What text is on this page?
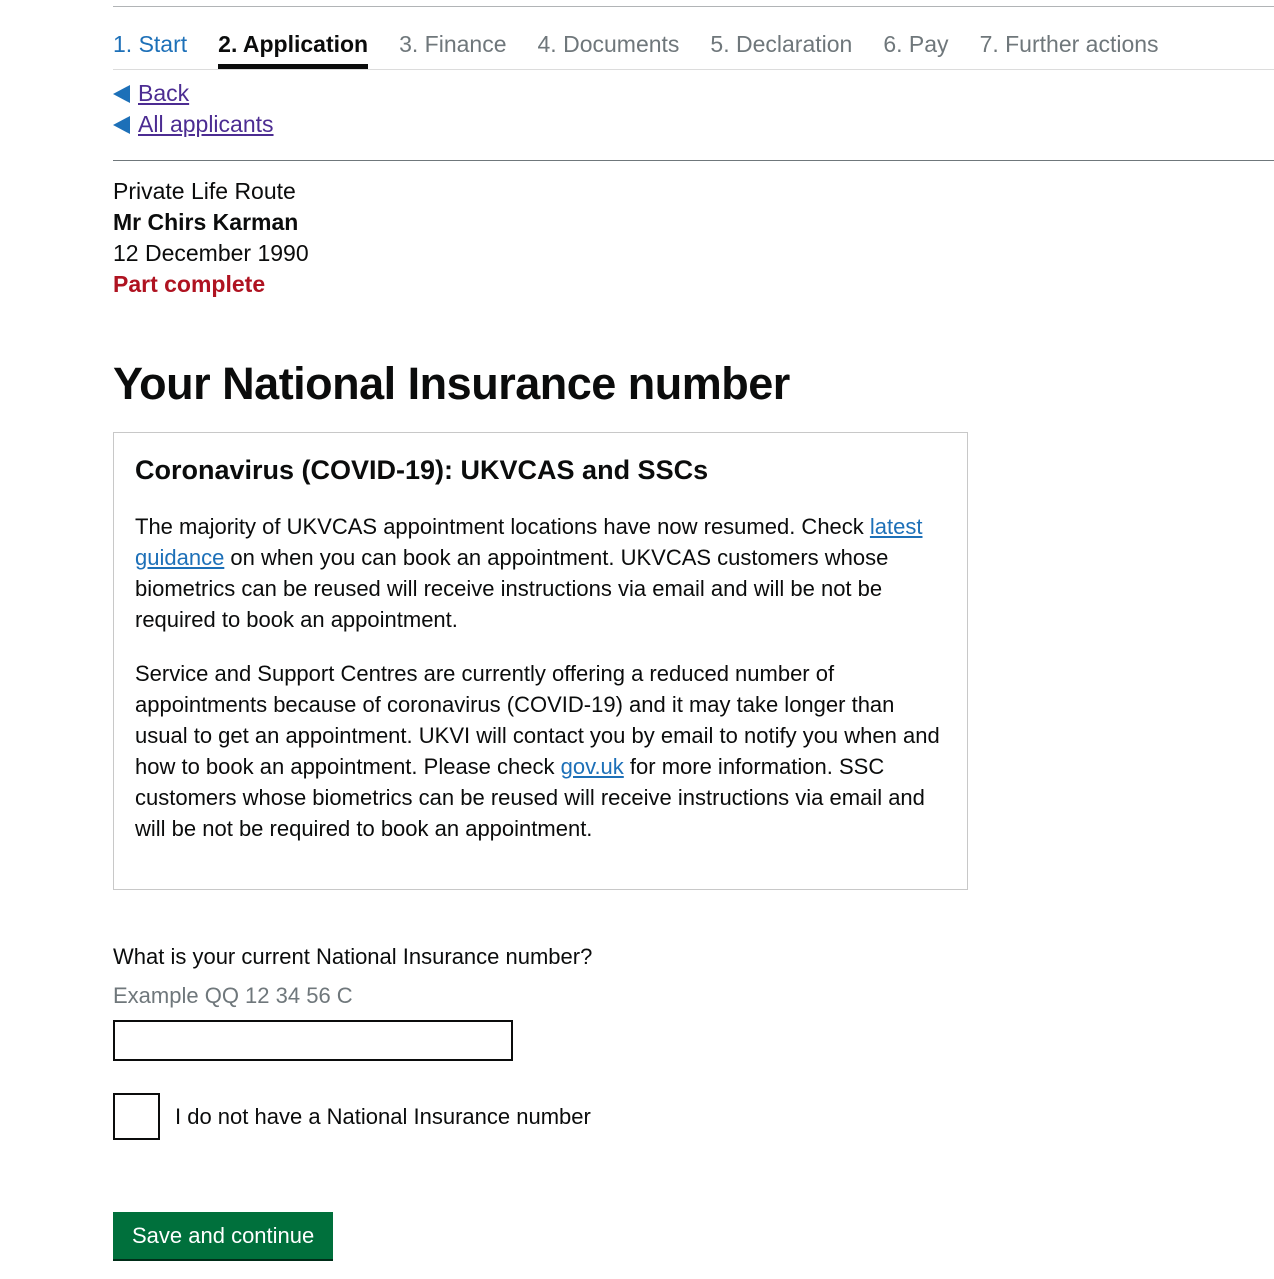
1. Start 2. Application 3. Finance 4. Documents 5. Declaration 6. Pay 7. Further actions
Back
All applicants
Private Life Route
Mr Chirs Karman
12 December 1990
Part complete
Your National Insurance number
Coronavirus (COVID-19): UKVCAS and SSCs

The majority of UKVCAS appointment locations have now resumed. Check latest guidance on when you can book an appointment. UKVCAS customers whose biometrics can be reused will receive instructions via email and will be not be required to book an appointment.

Service and Support Centres are currently offering a reduced number of appointments because of coronavirus (COVID-19) and it may take longer than usual to get an appointment. UKVI will contact you by email to notify you when and how to book an appointment. Please check gov.uk for more information. SSC customers whose biometrics can be reused will receive instructions via email and will be not be required to book an appointment.

What is your current National Insurance number?
Example QQ 12 34 56 C
I do not have a National Insurance number
Save and continue
